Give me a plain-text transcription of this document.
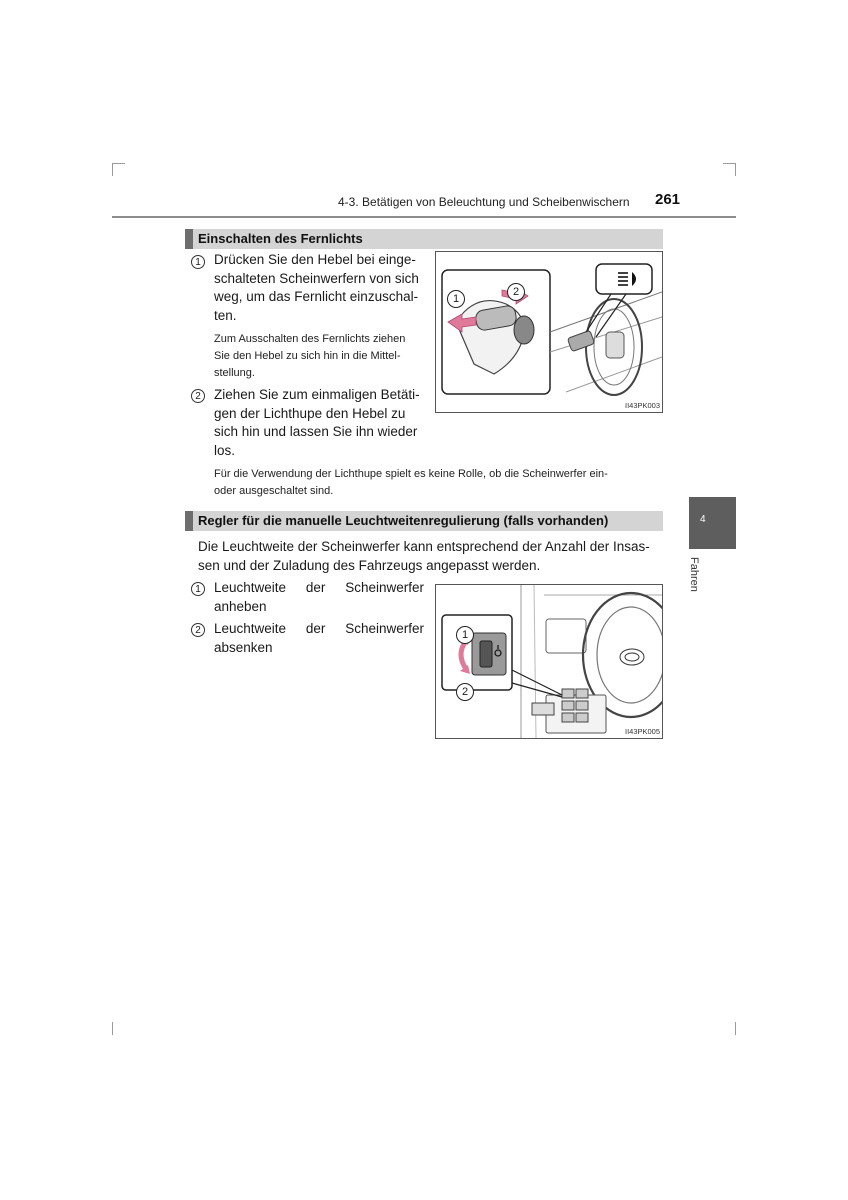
4-3. Betätigen von Beleuchtung und Scheibenwischern 261
4
Fahren
Einschalten des Fernlichts
1 Drücken Sie den Hebel bei einge-
schalteten Scheinwerfern von sich
weg, um das Fernlicht einzuschal-
ten.
Zum Ausschalten des Fernlichts ziehen
Sie den Hebel zu sich hin in die Mittel-
stellung.
2 Ziehen Sie zum einmaligen Betäti-
gen der Lichthupe den Hebel zu
sich hin und lassen Sie ihn wieder
los.
1
2
II43PK003
Für die Verwendung der Lichthupe spielt es keine Rolle, ob die Scheinwerfer ein-
oder ausgeschaltet sind.
Regler für die manuelle Leuchtweitenregulierung (falls vorhanden)
Die Leuchtweite der Scheinwerfer kann entsprechend der Anzahl der Insas-
sen und der Zuladung des Fahrzeugs angepasst werden.
1 Leuchtweite der Scheinwerfer
anheben
2 Leuchtweite der Scheinwerfer
absenken
1
2
II43PK005
